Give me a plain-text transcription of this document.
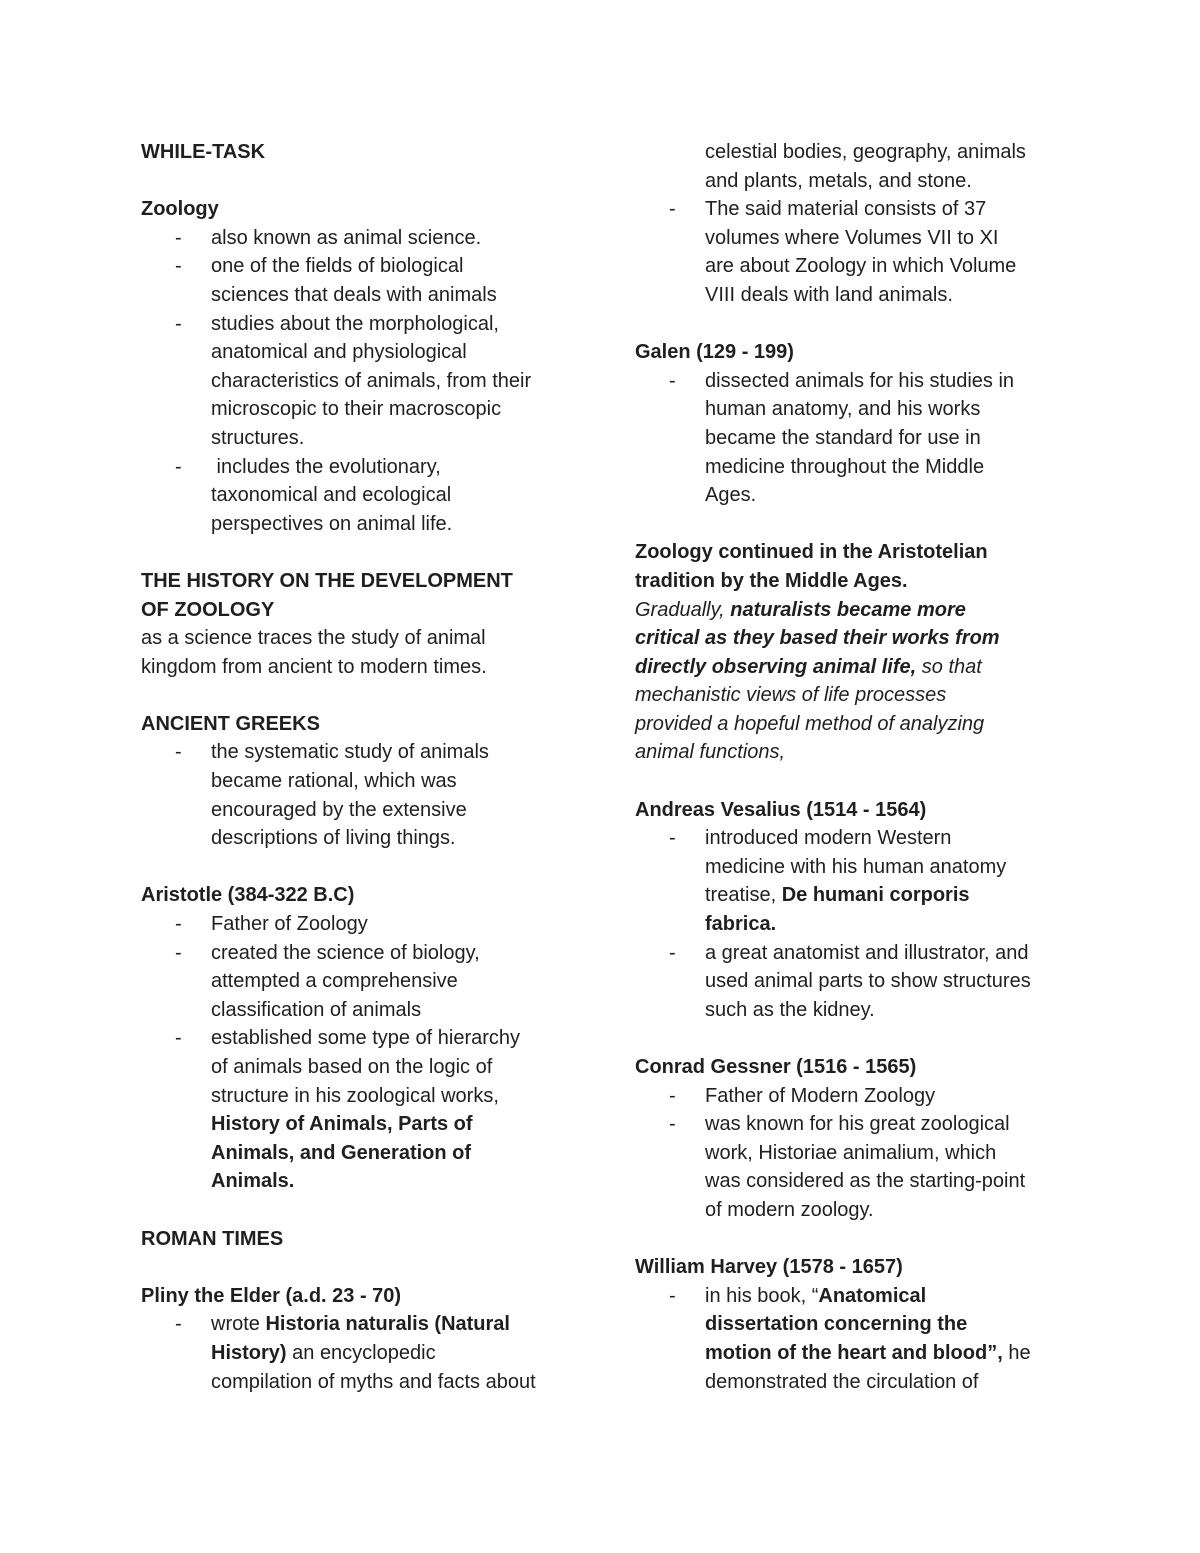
WHILE-TASK

Zoology

- also known as animal science.

- one of the fields of biological

sciences that deals with animals

- studies about the morphological,

anatomical and physiological

characteristics of animals, from their

microscopic to their macroscopic

structures.

- includes the evolutionary,

taxonomical and ecological

perspectives on animal life.

THE HISTORY ON THE DEVELOPMENT

OF ZOOLOGY

as a science traces the study of animal

kingdom from ancient to modern times.

ANCIENT GREEKS

- the systematic study of animals

became rational, which was

encouraged by the extensive

descriptions of living things.

Aristotle (384-322 B.C)

- Father of Zoology

- created the science of biology,

attempted a comprehensive

classification of animals

- established some type of hierarchy

of animals based on the logic of

structure in his zoological works,

History of Animals, Parts of

Animals, and Generation of

Animals.

ROMAN TIMES

Pliny the Elder (a.d. 23 - 70)

- wrote Historia naturalis (Natural

History) an encyclopedic

compilation of myths and facts about

celestial bodies, geography, animals

and plants, metals, and stone.

- The said material consists of 37

volumes where Volumes VII to XI

are about Zoology in which Volume

VIII deals with land animals.

Galen (129 - 199)

- dissected animals for his studies in

human anatomy, and his works

became the standard for use in

medicine throughout the Middle

Ages.

Zoology continued in the Aristotelian

tradition by the Middle Ages.

Gradually, naturalists became more

critical as they based their works from

directly observing animal life, so that

mechanistic views of life processes

provided a hopeful method of analyzing

animal functions,

Andreas Vesalius (1514 - 1564)

- introduced modern Western

medicine with his human anatomy

treatise, De humani corporis

fabrica.

- a great anatomist and illustrator, and

used animal parts to show structures

such as the kidney.

Conrad Gessner (1516 - 1565)

- Father of Modern Zoology

- was known for his great zoological

work, Historiae animalium, which

was considered as the starting-point

of modern zoology.

William Harvey (1578 - 1657)

- in his book, “Anatomical

dissertation concerning the

motion of the heart and blood”, he

demonstrated the circulation of
